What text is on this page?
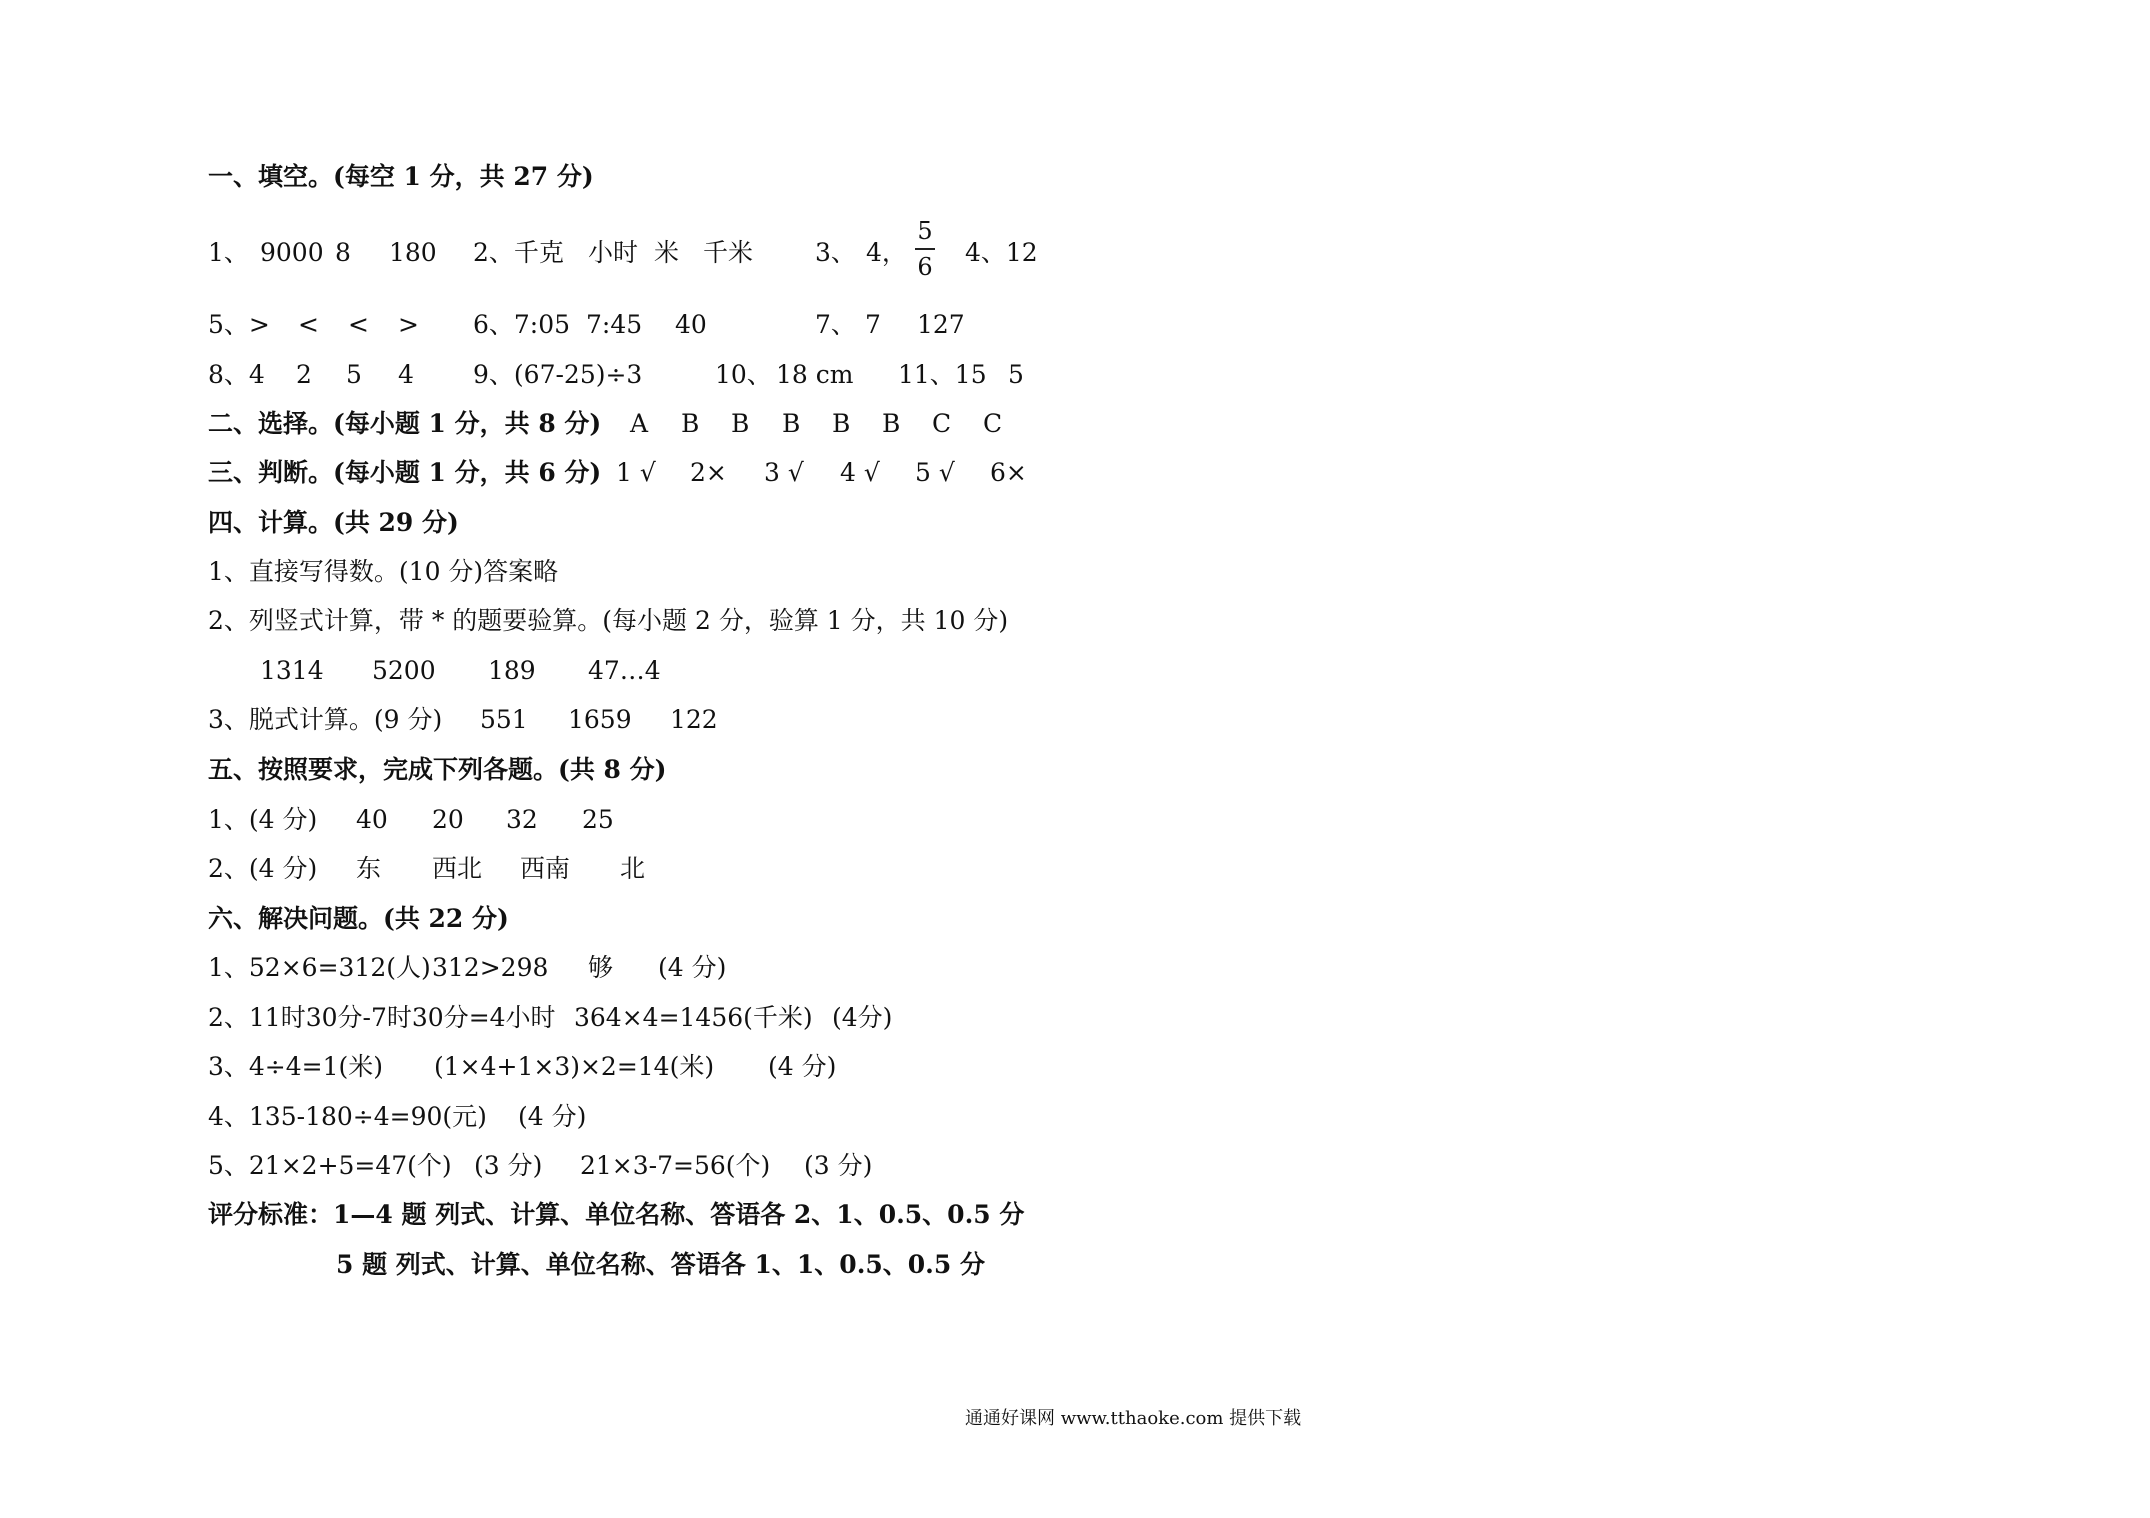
一、填空。(每空 1 分，共 27 分)
1、 9000 8 180 2、千克 小时 米 千米 3、 4，
5
6 4、12
5、> < < > 6、7:05 7:45 40	7、 7 127
8、4 2 5 4 9、(67-25)÷3	10、 18 cm 11、15 5
二、选择。(每小题 1 分，共 8 分) A B B B B B C C
三、判断。(每小题 1 分，共 6 分) 1 √ 2× 3 √ 4 √ 5 √ 6×
四、计算。(共 29 分)
1、直接写得数。(10 分)答案略
2、列竖式计算，带 * 的题要验算。(每小题 2 分，验算 1 分，共 10 分)
1314 5200 189 47…4
3、脱式计算。(9 分) 551 1659 122
五、按照要求，完成下列各题。(共 8 分)
1、(4 分) 40 20 32 25
2、(4 分) 东 西北 西南 北
六、解决问题。(共 22 分)
1、52×6=312(人) 312>298 够 (4 分)
2、11时30分-7时30分=4小时 364×4=1456(千米) (4分)
3、4÷4=1(米) (1×4+1×3)×2=14(米) (4 分)
4、135-180÷4=90(元) (4 分)
5、21×2+5=47(个) (3 分) 21×3-7=56(个) (3 分)
评分标准：1—4 题 列式、计算、单位名称、答语各 2、1、0.5、0.5 分
5 题 列式、计算、单位名称、答语各 1、1、0.5、0.5 分
通通好课网 www.tthaoke.com 提供下载
